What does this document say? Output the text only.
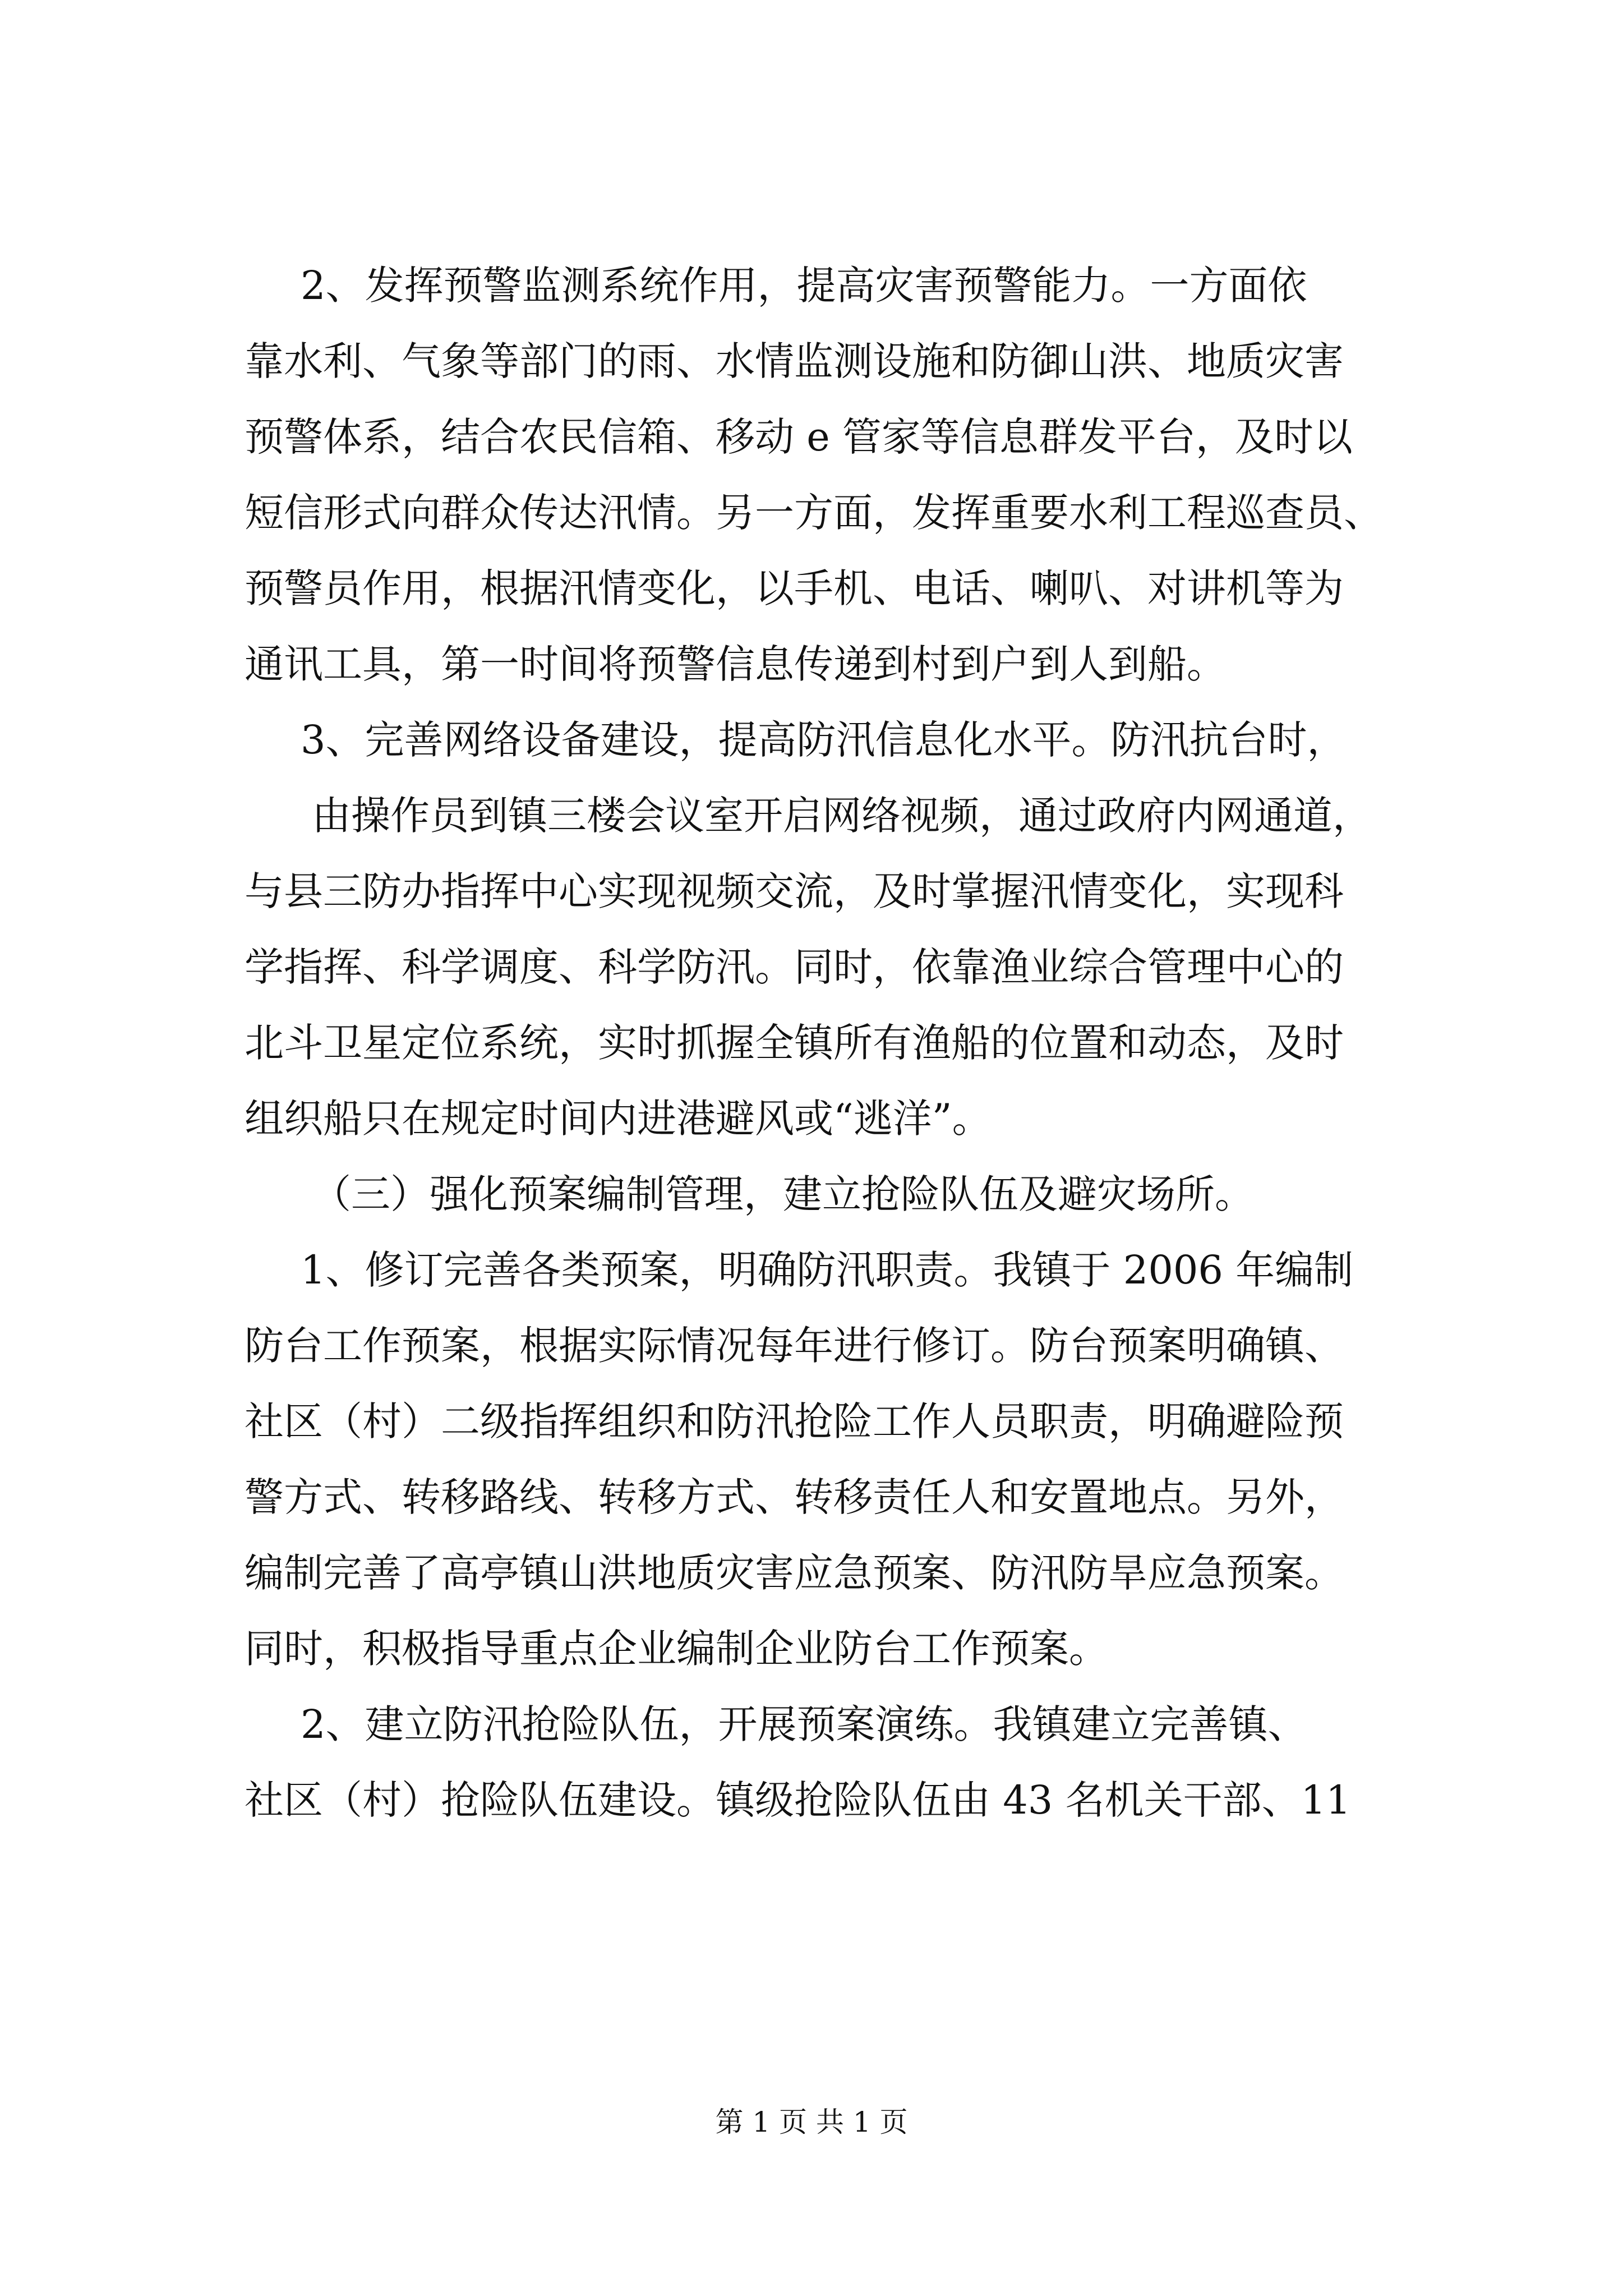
2、发挥预警监测系统作用，提高灾害预警能力。一方面依
靠水利、气象等部门的雨、水情监测设施和防御山洪、地质灾害
预警体系，结合农民信箱、移动 e 管家等信息群发平台，及时以
短信形式向群众传达汛情。另一方面，发挥重要水利工程巡查员、
预警员作用，根据汛情变化，以手机、电话、喇叭、对讲机等为
通讯工具，第一时间将预警信息传递到村到户到人到船。
3、完善网络设备建设，提高防汛信息化水平。防汛抗台时，
由操作员到镇三楼会议室开启网络视频，通过政府内网通道，
与县三防办指挥中心实现视频交流，及时掌握汛情变化，实现科
学指挥、科学调度、科学防汛。同时，依靠渔业综合管理中心的
北斗卫星定位系统，实时抓握全镇所有渔船的位置和动态，及时
组织船只在规定时间内进港避风或“逃洋”。
（三）强化预案编制管理，建立抢险队伍及避灾场所。
1、修订完善各类预案，明确防汛职责。我镇于 2006 年编制
防台工作预案，根据实际情况每年进行修订。防台预案明确镇、
社区（村）二级指挥组织和防汛抢险工作人员职责，明确避险预
警方式、转移路线、转移方式、转移责任人和安置地点。另外，
编制完善了高亭镇山洪地质灾害应急预案、防汛防旱应急预案。
同时，积极指导重点企业编制企业防台工作预案。
2、建立防汛抢险队伍，开展预案演练。我镇建立完善镇、
社区（村）抢险队伍建设。镇级抢险队伍由 43 名机关干部、11
第 1 页 共 1 页
